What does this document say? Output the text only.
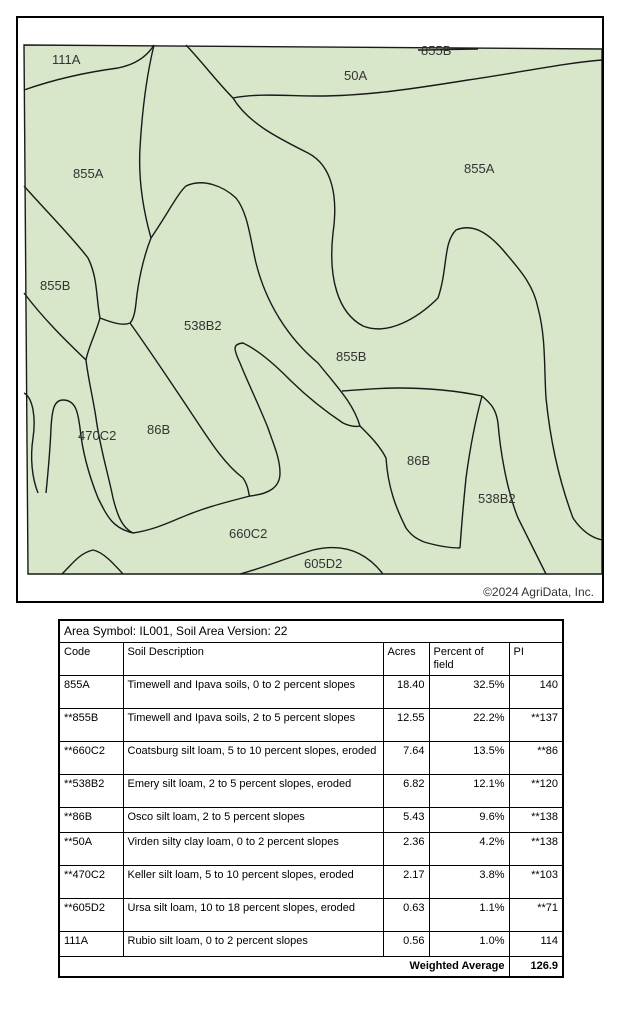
111A
855B
50A
855A	855A
855B
538B2
855B
470C2 86B
86B
538B2
660C2
605D2
©2024 AgriData, Inc.
Area Symbol: IL001, Soil Area Version: 22				
Code	Soil Description	Acres	Percent of field	PI
855A	Timewell and Ipava soils, 0 to 2 percent slopes	18.40	32.5%	140
**855B	Timewell and Ipava soils, 2 to 5 percent slopes	12.55	22.2%	**137
**660C2	Coatsburg silt loam, 5 to 10 percent slopes, eroded	7.64	13.5%	**86
**538B2	Emery silt loam, 2 to 5 percent slopes, eroded	6.82	12.1%	**120
**86B	Osco silt loam, 2 to 5 percent slopes	5.43	9.6%	**138
**50A	Virden silty clay loam, 0 to 2 percent slopes	2.36	4.2%	**138
**470C2	Keller silt loam, 5 to 10 percent slopes, eroded	2.17	3.8%	**103
**605D2	Ursa silt loam, 10 to 18 percent slopes, eroded	0.63	1.1%	**71
111A	Rubio silt loam, 0 to 2 percent slopes	0.56	1.0%	114
Weighted Average				126.9
